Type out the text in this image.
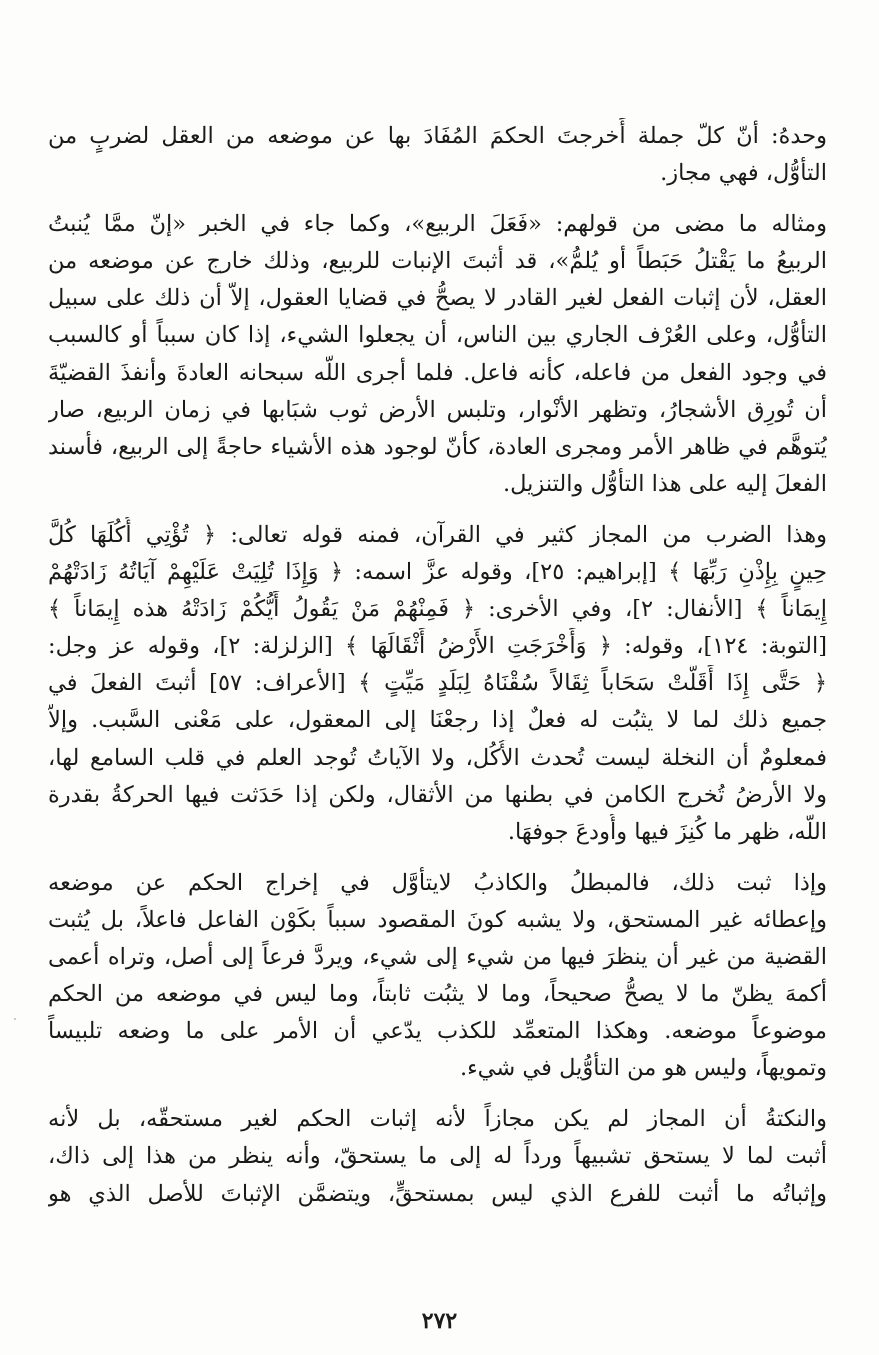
وحدهُ: أنّ كلّ جملة أَخرجتَ الحكمَ المُفَادَ بها عن موضعه من العقل لضربٍ من
التأوُّل، فهي مجاز.
ومثاله ما مضى من قولهم: «فَعَلَ الربيع»، وكما جاء في الخبر «إنّ ممَّا يُنبتُ
الربيعُ ما يَقْتلُ حَبَطاً أو يُلمُّ»، قد أثبتَ الإنبات للربيع، وذلك خارج عن موضعه من
العقل، لأن إثبات الفعل لغير القادر لا يصحُّ في قضايا العقول، إلاّ أن ذلك على سبيل
التأوُّل، وعلى العُرْف الجاري بين الناس، أن يجعلوا الشيء، إذا كان سبباً أو كالسبب
في وجود الفعل من فاعله، كأنه فاعل. فلما أجرى اللّه سبحانه العادةَ وأنفذَ القضيّةَ
أن تُورِق الأشجارُ، وتظهر الأنْوار، وتلبس الأرض ثوب شبَابها في زمان الربيع، صار
يُتوهَّم في ظاهر الأمر ومجرى العادة، كأنّ لوجود هذه الأشياء حاجةً إلى الربيع، فأسند
الفعلَ إليه على هذا التأوُّل والتنزيل.
وهذا الضرب من المجاز كثير في القرآن، فمنه قوله تعالى: ﴿ تُؤْتِي أُكُلَهَا كُلَّ
حِينٍ بِإِذْنِ رَبِّهَا ﴾ [إبراهيم: ٢٥]، وقوله عزَّ اسمه: ﴿ وَإِذَا تُلِيَتْ عَلَيْهِمْ آيَاتُهُ زَادَتْهُمْ
إِيمَاناً ﴾ [الأنفال: ٢]، وفي الأخرى: ﴿ فَمِنْهُمْ مَنْ يَقُولُ أَيُّكُمْ زَادَتْهُ هذه إِيمَاناً ﴾
[التوبة: ١٢٤]، وقوله: ﴿ وَأَخْرَجَتِ الأَرْضُ أَثْقَالَهَا ﴾ [الزلزلة: ٢]، وقوله عز وجل:
﴿ حَتَّى إِذَا أَقَلَّتْ سَحَاباً ثِقَالاً سُقْنَاهُ لِبَلَدٍ مَيِّتٍ ﴾ [الأعراف: ٥٧] أثبتَ الفعلَ في
جميع ذلك لما لا يثبُت له فعلٌ إذا رجعْنَا إلى المعقول، على مَعْنى السَّبب. وإلاّ
فمعلومٌ أن النخلة ليست تُحدث الأُكُل، ولا الآياتُ تُوجد العلم في قلب السامع لها،
ولا الأرضُ تُخرج الكامن في بطنها من الأثقال، ولكن إذا حَدَثت فيها الحركةُ بقدرة
اللّه، ظهر ما كُنِزَ فيها وأُودعَ جوفهَا.
وإذا ثبت ذلك، فالمبطلُ والكاذبُ لايتأوَّل في إخراج الحكم عن موضعه
وإعطائه غير المستحق، ولا يشبه كونَ المقصود سبباً بكَوْن الفاعل فاعلاً، بل يُثبت
القضية من غير أن ينظرَ فيها من شيء إلى شيء، ويردَّ فرعاً إلى أصل، وتراه أعمى
أكمهَ يظنّ ما لا يصحُّ صحيحاً، وما لا يثبُت ثابتاً، وما ليس في موضعه من الحكم
موضوعاً موضعه. وهكذا المتعمِّد للكذب يدّعي أن الأمر على ما وضعه تلبيساً
وتمويهاً، وليس هو من التأوُّيل في شيء.
والنكتةُ أن المجاز لم يكن مجازاً لأنه إثبات الحكم لغير مستحقّه، بل لأنه
أثبت لما لا يستحق تشبيهاً ورداً له إلى ما يستحقّ، وأنه ينظر من هذا إلى ذاك،
وإثباتُه ما أثبت للفرع الذي ليس بمستحقٍّ، ويتضمَّن الإثباتَ للأصل الذي هو
٢٧٢
